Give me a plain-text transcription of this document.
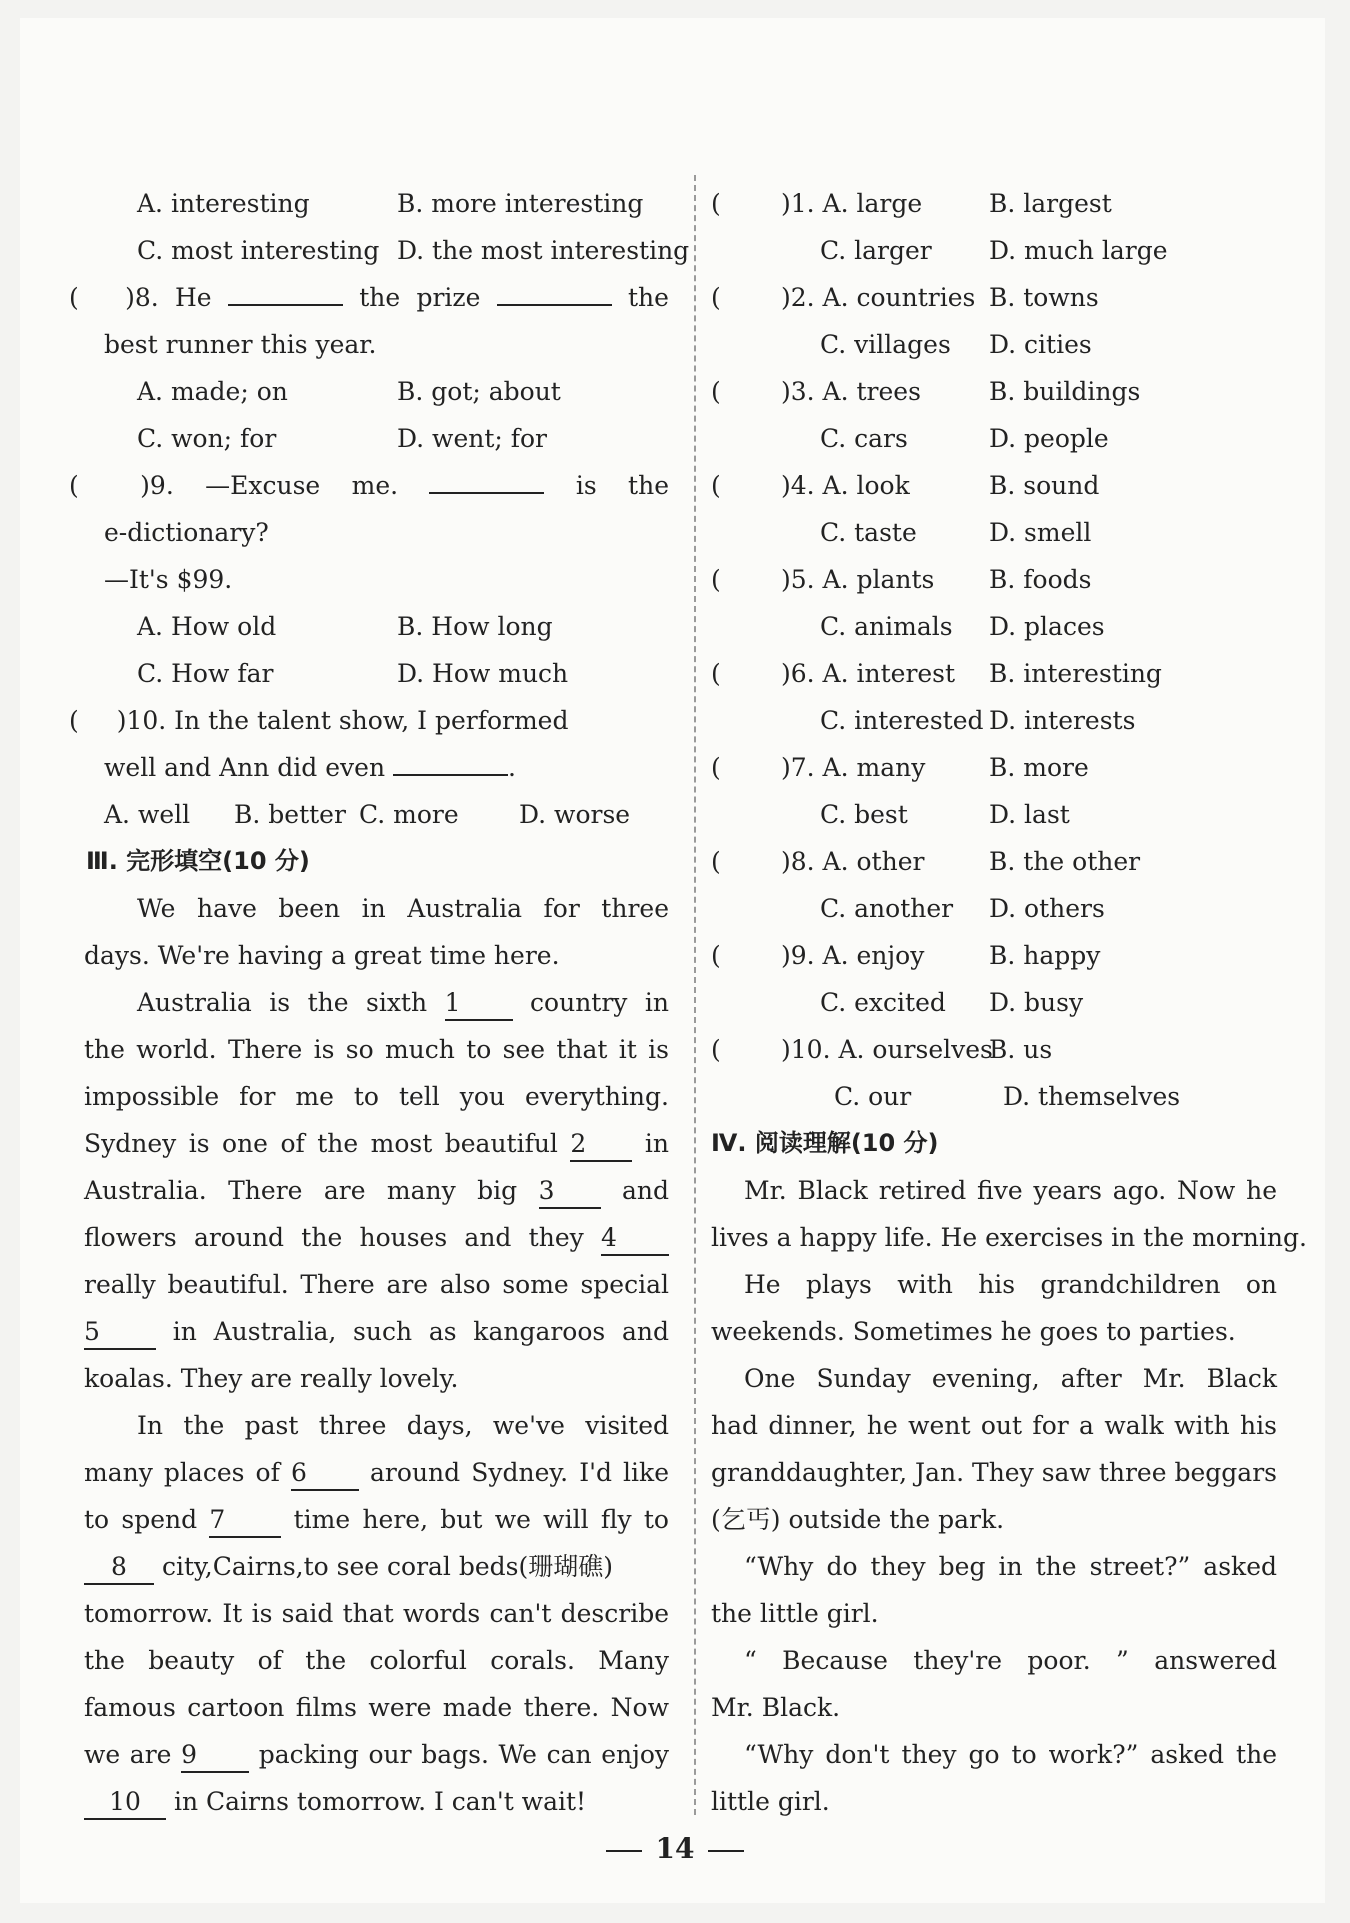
A. interesting	B. more interesting
C. most interesting D. the most interesting
( )8. He	the prize	the
best runner this year.
A. made; on	B. got; about
C. won; for	D. went; for
( )9. —Excuse me.	is the
e-dictionary?
—It's $99.
A. How old	B. How long
C. How far	D. How much
( )10. In the talent show, I performed
well and Ann did even	.
A. well B. better C. more D. worse
Ⅲ. 完形填空(10 分)
We have been in Australia for three
days. We're having a great time here.
Australia is the sixth 1	country in
the world. There is so much to see that it is
impossible for me to tell you everything.
Sydney is one of the most beautiful 2 in
Australia. There are many big 3	and
flowers around the houses and they 4
really beautiful. There are also some special
5	in Australia, such as kangaroos and
koalas. They are really lovely.
In the past three days, we've visited
many places of 6	around Sydney. I'd like
to spend 7	time here, but we will fly to
8 city,Cairns,to see coral beds(珊瑚礁)
tomorrow. It is said that words can't describe
the beauty of the colorful corals. Many
famous cartoon films were made there. Now
we are 9 packing our bags. We can enjoy
10 in Cairns tomorrow. I can't wait!
( )1. A. large	B. largest
C. larger D. much large
( )2. A. countries B. towns
C. villages D. cities
( )3. A. trees	B. buildings
C. cars	D. people
( )4. A. look	B. sound
C. taste	D. smell
( )5. A. plants B. foods
C. animals D. places
( )6. A. interest B. interesting
C. interested D. interests
( )7. A. many	B. more
C. best	D. last
( )8. A. other	B. the other
C. another D. others
( )9. A. enjoy	B. happy
C. excited D. busy
( )10. A. ourselvesB. us
C. our	D. themselves
Ⅳ. 阅读理解(10 分)
Mr. Black retired five years ago. Now he
lives a happy life. He exercises in the morning.
He plays with his grandchildren on
weekends. Sometimes he goes to parties.
One Sunday evening, after Mr. Black
had dinner, he went out for a walk with his
granddaughter, Jan. They saw three beggars
(乞丐) outside the park.
“Why do they beg in the street?” asked
the little girl.
“ Because they're poor. ” answered
Mr. Black.
“Why don't they go to work?” asked the
little girl.
14
